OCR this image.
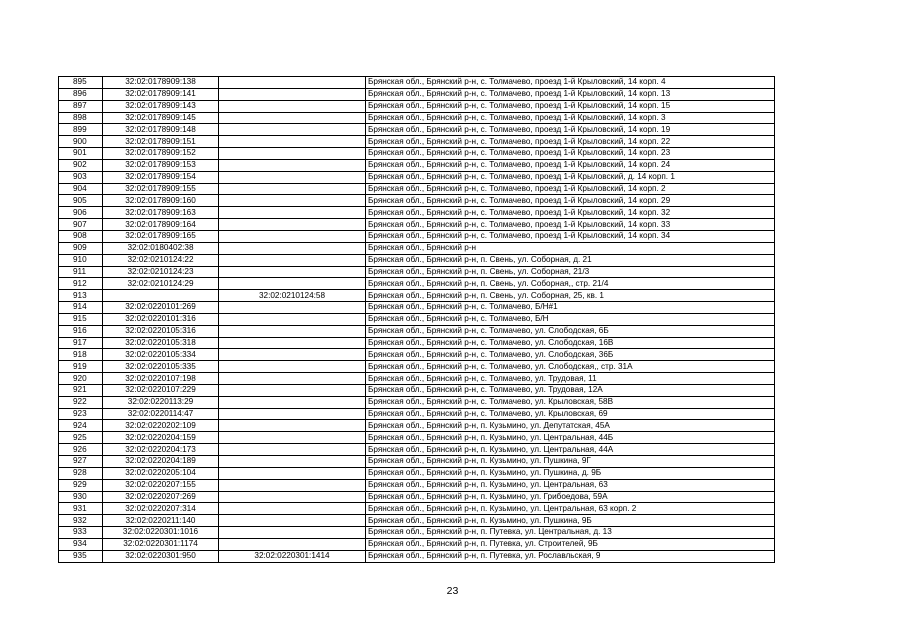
895	32:02:0178909:138		Брянская обл., Брянский р-н, с. Толмачево, проезд 1-й Крыловский, 14 корп. 4
896	32:02:0178909:141		Брянская обл., Брянский р-н, с. Толмачево, проезд 1-й Крыловский, 14 корп. 13
897	32:02:0178909:143		Брянская обл., Брянский р-н, с. Толмачево, проезд 1-й Крыловский, 14 корп. 15
898	32:02:0178909:145		Брянская обл., Брянский р-н, с. Толмачево, проезд 1-й Крыловский, 14 корп. 3
899	32:02:0178909:148		Брянская обл., Брянский р-н, с. Толмачево, проезд 1-й Крыловский, 14 корп. 19
900	32:02:0178909:151		Брянская обл., Брянский р-н, с. Толмачево, проезд 1-й Крыловский, 14 корп. 22
901	32:02:0178909:152		Брянская обл., Брянский р-н, с. Толмачево, проезд 1-й Крыловский, 14 корп. 23
902	32:02:0178909:153		Брянская обл., Брянский р-н, с. Толмачево, проезд 1-й Крыловский, 14 корп. 24
903	32:02:0178909:154		Брянская обл., Брянский р-н, с. Толмачево, проезд 1-й Крыловский, д. 14 корп. 1
904	32:02:0178909:155		Брянская обл., Брянский р-н, с. Толмачево, проезд 1-й Крыловский, 14 корп. 2
905	32:02:0178909:160		Брянская обл., Брянский р-н, с. Толмачево, проезд 1-й Крыловский, 14 корп. 29
906	32:02:0178909:163		Брянская обл., Брянский р-н, с. Толмачево, проезд 1-й Крыловский, 14 корп. 32
907	32:02:0178909:164		Брянская обл., Брянский р-н, с. Толмачево, проезд 1-й Крыловский, 14 корп. 33
908	32:02:0178909:165		Брянская обл., Брянский р-н, с. Толмачево, проезд 1-й Крыловский, 14 корп. 34
909	32:02:0180402:38		Брянская обл., Брянский р-н
910	32:02:0210124:22		Брянская обл., Брянский р-н, п. Свень, ул. Соборная, д. 21
911	32:02:0210124:23		Брянская обл., Брянский р-н, п. Свень, ул. Соборная, 21/3
912	32:02:0210124:29		Брянская обл., Брянский р-н, п. Свень, ул. Соборная,, стр. 21/4
913		32:02:0210124:58	Брянская обл., Брянский р-н, п. Свень, ул. Соборная, 25, кв. 1
914	32:02:0220101:269		Брянская обл., Брянский р-н, с. Толмачево, Б/Н#1
915	32:02:0220101:316		Брянская обл., Брянский р-н, с. Толмачево, Б/Н
916	32:02:0220105:316		Брянская обл., Брянский р-н, с. Толмачево, ул. Слободская, 6Б
917	32:02:0220105:318		Брянская обл., Брянский р-н, с. Толмачево, ул. Слободская, 16В
918	32:02:0220105:334		Брянская обл., Брянский р-н, с. Толмачево, ул. Слободская, 36Б
919	32:02:0220105:335		Брянская обл., Брянский р-н, с. Толмачево, ул. Слободская,, стр. 31А
920	32:02:0220107:198		Брянская обл., Брянский р-н, с. Толмачево, ул. Трудовая, 11
921	32:02:0220107:229		Брянская обл., Брянский р-н, с. Толмачево, ул. Трудовая, 12А
922	32:02:0220113:29		Брянская обл., Брянский р-н, с. Толмачево, ул. Крыловская, 58В
923	32:02:0220114:47		Брянская обл., Брянский р-н, с. Толмачево, ул. Крыловская, 69
924	32:02:0220202:109		Брянская обл., Брянский р-н, п. Кузьмино, ул. Депутатская, 45А
925	32:02:0220204:159		Брянская обл., Брянский р-н, п. Кузьмино, ул. Центральная, 44Б
926	32:02:0220204:173		Брянская обл., Брянский р-н, п. Кузьмино, ул. Центральная, 44А
927	32:02:0220204:189		Брянская обл., Брянский р-н, п. Кузьмино, ул. Пушкина, 9Г
928	32:02:0220205:104		Брянская обл., Брянский р-н, п. Кузьмино, ул. Пушкина, д. 9Б
929	32:02:0220207:155		Брянская обл., Брянский р-н, п. Кузьмино, ул. Центральная, 63
930	32:02:0220207:269		Брянская обл., Брянский р-н, п. Кузьмино, ул. Грибоедова, 59А
931	32:02:0220207:314		Брянская обл., Брянский р-н, п. Кузьмино, ул. Центральная, 63 корп. 2
932	32:02:0220211:140		Брянская обл., Брянский р-н, п. Кузьмино, ул. Пушкина, 9Б
933	32:02:0220301:1016		Брянская обл., Брянский р-н, п. Путевка, ул. Центральная, д. 13
934	32:02:0220301:1174		Брянская обл., Брянский р-н, п. Путевка, ул. Строителей, 9Б
935	32:02:0220301:950	32:02:0220301:1414	Брянская обл., Брянский р-н, п. Путевка, ул. Рославльская, 9
23
